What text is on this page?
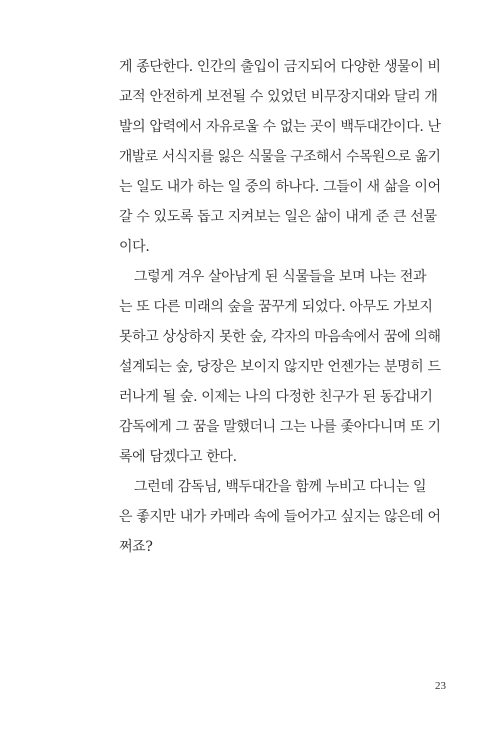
게 종단한다. 인간의 출입이 금지되어 다양한 생물이 비
교적 안전하게 보전될 수 있었던 비무장지대와 달리 개
발의 압력에서 자유로울 수 없는 곳이 백두대간이다. 난
개발로 서식지를 잃은 식물을 구조해서 수목원으로 옮기
는 일도 내가 하는 일 중의 하나다. 그들이 새 삶을 이어
갈 수 있도록 돕고 지켜보는 일은 삶이 내게 준 큰 선물
이다.
그렇게 겨우 살아남게 된 식물들을 보며 나는 전과
는 또 다른 미래의 숲을 꿈꾸게 되었다. 아무도 가보지
못하고 상상하지 못한 숲, 각자의 마음속에서 꿈에 의해
설계되는 숲, 당장은 보이지 않지만 언젠가는 분명히 드
러나게 될 숲. 이제는 나의 다정한 친구가 된 동갑내기
감독에게 그 꿈을 말했더니 그는 나를 좇아다니며 또 기
록에 담겠다고 한다.
그런데 감독님, 백두대간을 함께 누비고 다니는 일
은 좋지만 내가 카메라 속에 들어가고 싶지는 않은데 어
쩌죠?
23
